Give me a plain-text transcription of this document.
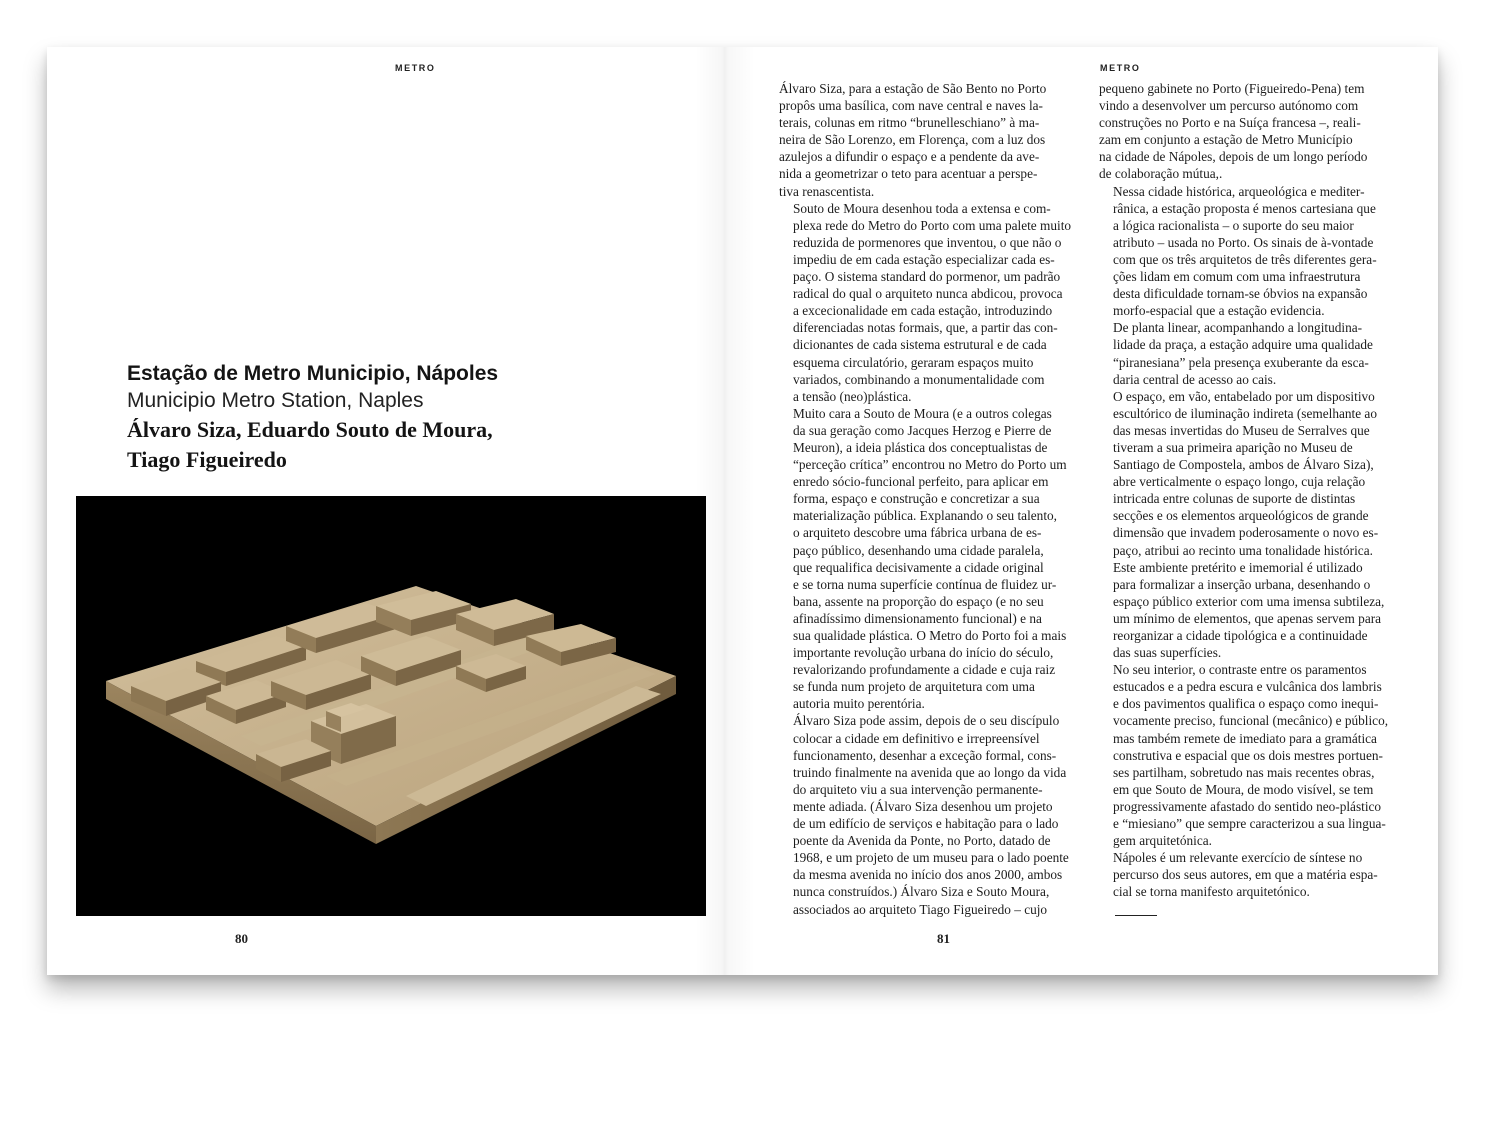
METRO	METRO
Estação de Metro Municipio, Nápoles
Municipio Metro Station, Naples
Álvaro Siza, Eduardo Souto de Moura,
Tiago Figueiredo
80	81

Álvaro Siza, para a estação de São Bento no Porto
propôs uma basílica, com nave central e naves la-
terais, colunas em ritmo “brunelleschiano” à ma-
neira de São Lorenzo, em Florença, com a luz dos
azulejos a difundir o espaço e a pendente da ave-
nida a geometrizar o teto para acentuar a perspe-
tiva renascentista.

Souto de Moura desenhou toda a extensa e com-
plexa rede do Metro do Porto com uma palete muito
reduzida de pormenores que inventou, o que não o
impediu de em cada estação especializar cada es-
paço. O sistema standard do pormenor, um padrão
radical do qual o arquiteto nunca abdicou, provoca
a excecionalidade em cada estação, introduzindo
diferenciadas notas formais, que, a partir das con-
dicionantes de cada sistema estrutural e de cada
esquema circulatório, geraram espaços muito
variados, combinando a monumentalidade com
a tensão (neo)plástica.

Muito cara a Souto de Moura (e a outros colegas
da sua geração como Jacques Herzog e Pierre de
Meuron), a ideia plástica dos conceptualistas de
“perceção crítica” encontrou no Metro do Porto um
enredo sócio-funcional perfeito, para aplicar em
forma, espaço e construção e concretizar a sua
materialização pública. Explanando o seu talento,
o arquiteto descobre uma fábrica urbana de es-
paço público, desenhando uma cidade paralela,
que requalifica decisivamente a cidade original
e se torna numa superfície contínua de fluidez ur-
bana, assente na proporção do espaço (e no seu
afinadíssimo dimensionamento funcional) e na
sua qualidade plástica. O Metro do Porto foi a mais
importante revolução urbana do início do século,
revalorizando profundamente a cidade e cuja raiz
se funda num projeto de arquitetura com uma
autoria muito perentória.

Álvaro Siza pode assim, depois de o seu discípulo
colocar a cidade em definitivo e irrepreensível
funcionamento, desenhar a exceção formal, cons-
truindo finalmente na avenida que ao longo da vida
do arquiteto viu a sua intervenção permanente-
mente adiada. (Álvaro Siza desenhou um projeto
de um edifício de serviços e habitação para o lado
poente da Avenida da Ponte, no Porto, datado de
1968, e um projeto de um museu para o lado poente
da mesma avenida no início dos anos 2000, ambos
nunca construídos.) Álvaro Siza e Souto Moura,
associados ao arquiteto Tiago Figueiredo – cujo

pequeno gabinete no Porto (Figueiredo-Pena) tem
vindo a desenvolver um percurso autónomo com
construções no Porto e na Suíça francesa –, reali-
zam em conjunto a estação de Metro Município
na cidade de Nápoles, depois de um longo período
de colaboração mútua,.

Nessa cidade histórica, arqueológica e mediter-
rânica, a estação proposta é menos cartesiana que
a lógica racionalista – o suporte do seu maior
atributo – usada no Porto. Os sinais de à-vontade
com que os três arquitetos de três diferentes gera-
ções lidam em comum com uma infraestrutura
desta dificuldade tornam-se óbvios na expansão
morfo-espacial que a estação evidencia.

De planta linear, acompanhando a longitudina-
lidade da praça, a estação adquire uma qualidade
“piranesiana” pela presença exuberante da esca-
daria central de acesso ao cais.

O espaço, em vão, entabelado por um dispositivo
escultórico de iluminação indireta (semelhante ao
das mesas invertidas do Museu de Serralves que
tiveram a sua primeira aparição no Museu de
Santiago de Compostela, ambos de Álvaro Siza),
abre verticalmente o espaço longo, cuja relação
intricada entre colunas de suporte de distintas
secções e os elementos arqueológicos de grande
dimensão que invadem poderosamente o novo es-
paço, atribui ao recinto uma tonalidade histórica.

Este ambiente pretérito e imemorial é utilizado
para formalizar a inserção urbana, desenhando o
espaço público exterior com uma imensa subtileza,
um mínimo de elementos, que apenas servem para
reorganizar a cidade tipológica e a continuidade
das suas superfícies.

No seu interior, o contraste entre os paramentos
estucados e a pedra escura e vulcânica dos lambris
e dos pavimentos qualifica o espaço como inequi-
vocamente preciso, funcional (mecânico) e público,
mas também remete de imediato para a gramática
construtiva e espacial que os dois mestres portuen-
ses partilham, sobretudo nas mais recentes obras,
em que Souto de Moura, de modo visível, se tem
progressivamente afastado do sentido neo-plástico
e “miesiano” que sempre caracterizou a sua lingua-
gem arquitetónica.

Nápoles é um relevante exercício de síntese no
percurso dos seus autores, em que a matéria espa-
cial se torna manifesto arquitetónico.
